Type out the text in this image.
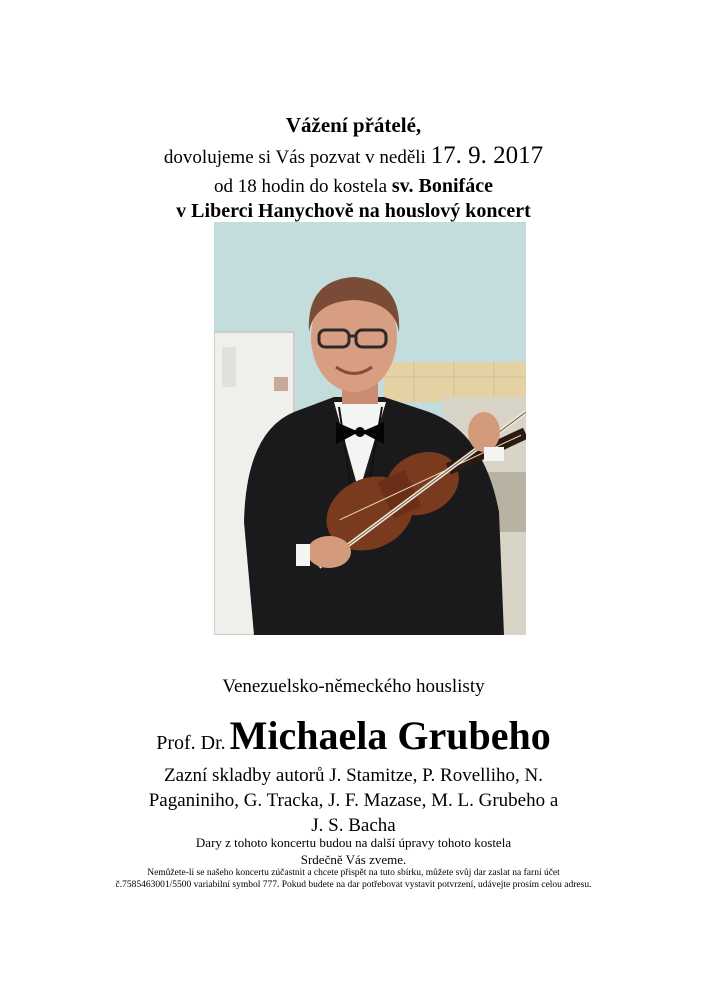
Vážení přátelé,
dovolujeme si Vás pozvat v neděli 17. 9. 2017
od 18 hodin do kostela sv. Bonifáce
v Liberci Hanychově na houslový koncert
Venezuelsko-německého houslisty
Prof. Dr. Michaela Grubeho
Zazní skladby autorů J. Stamitze, P. Rovelliho, N.
Paganiniho, G. Tracka, J. F. Mazase, M. L. Grubeho a
J. S. Bacha
Dary z tohoto koncertu budou na další úpravy tohoto kostela
Srdečně Vás zveme.
Nemůžete-li se našeho koncertu zúčastnit a chcete přispět na tuto sbírku, můžete svůj dar zaslat na farní účet
č.7585463001/5500 variabilní symbol 777. Pokud budete na dar potřebovat vystavit potvrzení, udávejte prosím celou adresu.
